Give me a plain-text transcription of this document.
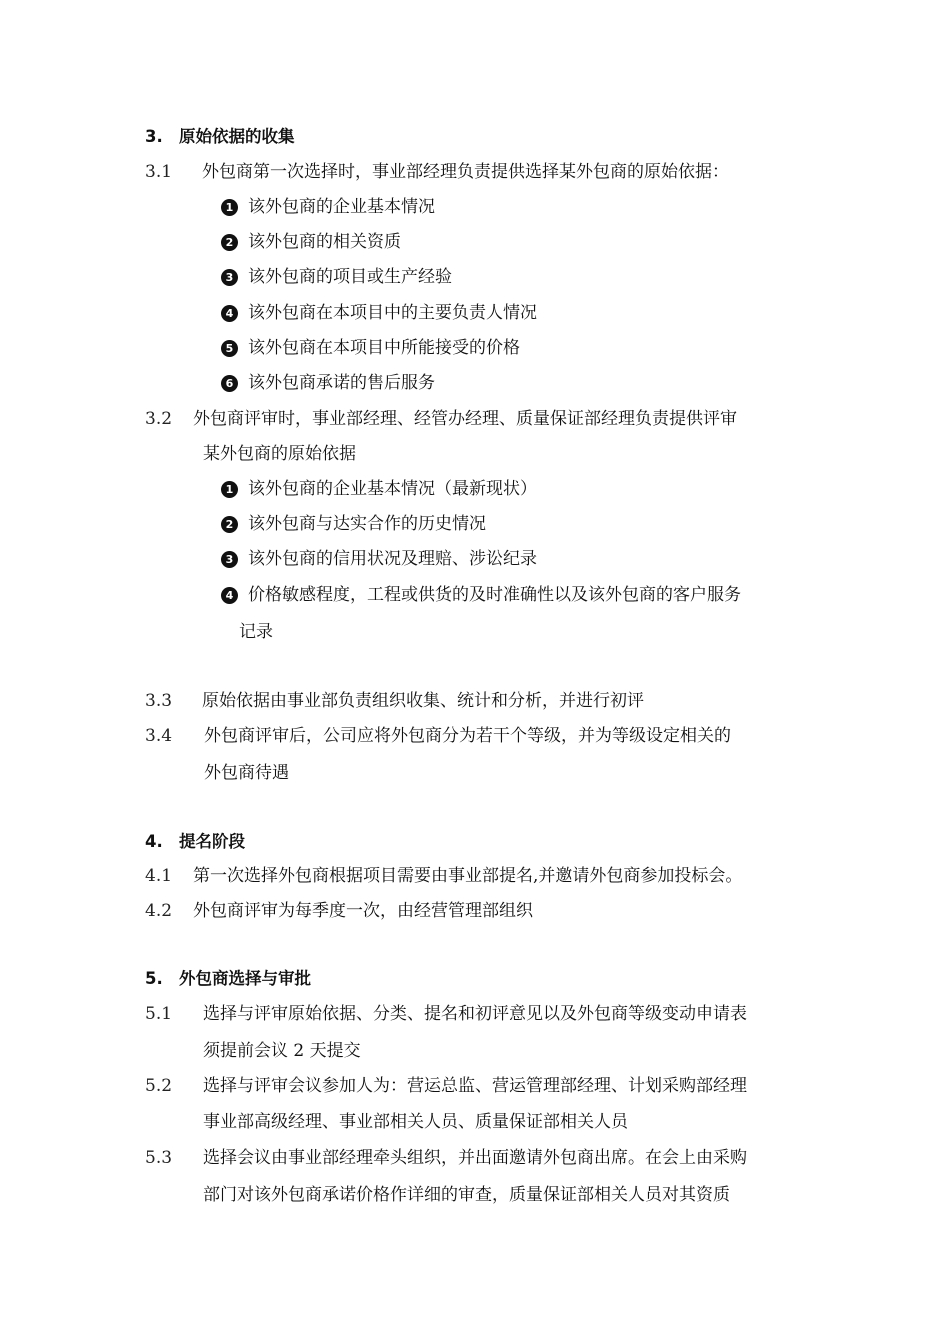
3. 原始依据的收集
3.1 外包商第一次选择时，事业部经理负责提供选择某外包商的原始依据：
1 该外包商的企业基本情况
2 该外包商的相关资质
3 该外包商的项目或生产经验
4 该外包商在本项目中的主要负责人情况
5 该外包商在本项目中所能接受的价格
6 该外包商承诺的售后服务
3.2 外包商评审时，事业部经理、经管办经理、质量保证部经理负责提供评审
某外包商的原始依据
1 该外包商的企业基本情况（最新现状）
2 该外包商与达实合作的历史情况
3 该外包商的信用状况及理赔、涉讼纪录
4 价格敏感程度，工程或供货的及时准确性以及该外包商的客户服务
记录
3.3 原始依据由事业部负责组织收集、统计和分析，并进行初评
3.4 外包商评审后，公司应将外包商分为若干个等级，并为等级设定相关的
外包商待遇
4. 提名阶段
4.1 第一次选择外包商根据项目需要由事业部提名,并邀请外包商参加投标会。
4.2 外包商评审为每季度一次，由经营管理部组织
5. 外包商选择与审批
5.1 选择与评审原始依据、分类、提名和初评意见以及外包商等级变动申请表
须提前会议 2 天提交
5.2 选择与评审会议参加人为：营运总监、营运管理部经理、计划采购部经理
事业部高级经理、事业部相关人员、质量保证部相关人员
5.3 选择会议由事业部经理牵头组织，并出面邀请外包商出席。在会上由采购
部门对该外包商承诺价格作详细的审查，质量保证部相关人员对其资质
